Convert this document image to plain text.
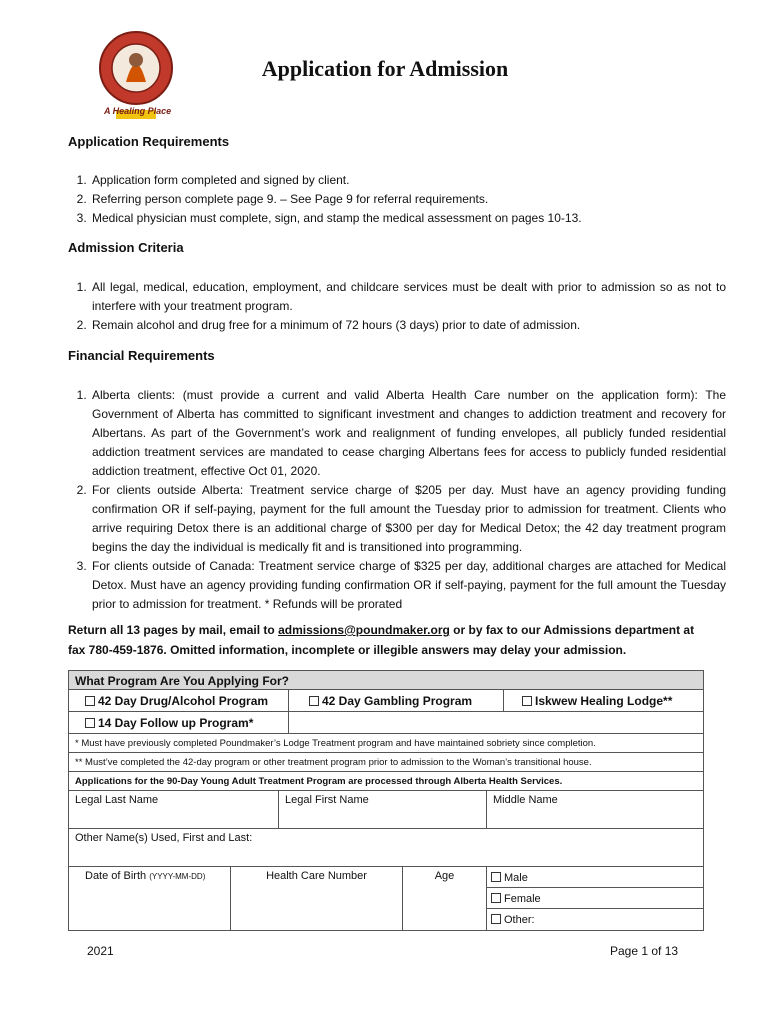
A Healing Place
Application for Admission
Application Requirements
1. Application form completed and signed by client.
2. Referring person complete page 9. – See Page 9 for referral requirements.
3. Medical physician must complete, sign, and stamp the medical assessment on pages 10-13.
Admission Criteria
1. All legal, medical, education, employment, and childcare services must be dealt with prior to admission so as not to interfere with your treatment program.
2. Remain alcohol and drug free for a minimum of 72 hours (3 days) prior to date of admission.
Financial Requirements
1. Alberta clients: (must provide a current and valid Alberta Health Care number on the application form): The Government of Alberta has committed to significant investment and changes to addiction treatment and recovery for Albertans. As part of the Government’s work and realignment of funding envelopes, all publicly funded residential addiction treatment services are mandated to cease charging Albertans fees for access to publicly funded residential addiction treatment, effective Oct 01, 2020.
2. For clients outside Alberta: Treatment service charge of $205 per day. Must have an agency providing funding confirmation OR if self-paying, payment for the full amount the Tuesday prior to admission for treatment. Clients who arrive requiring Detox there is an additional charge of $300 per day for Medical Detox; the 42 day treatment program begins the day the individual is medically fit and is transitioned into programming.
3. For clients outside of Canada: Treatment service charge of $325 per day, additional charges are attached for Medical Detox. Must have an agency providing funding confirmation OR if self-paying, payment for the full amount the Tuesday prior to admission for treatment. * Refunds will be prorated
Return all 13 pages by mail, email to admissions@poundmaker.org or by fax to our Admissions department at fax 780-459-1876. Omitted information, incomplete or illegible answers may delay your admission.
What Program Are You Applying For?
42 Day Drug/Alcohol Program	42 Day Gambling Program	Iskwew Healing Lodge**
14 Day Follow up Program*
* Must have previously completed Poundmaker’s Lodge Treatment program and have maintained sobriety since completion.
** Must’ve completed the 42-day program or other treatment program prior to admission to the Woman’s transitional house.
Applications for the 90-Day Young Adult Treatment Program are processed through Alberta Health Services.
Legal Last Name	Legal First Name	Middle Name
Other Name(s) Used, First and Last:
Date of Birth (YYYY-MM-DD)	Health Care Number	Age	Male
Female
Other:
2021	Page 1 of 13
